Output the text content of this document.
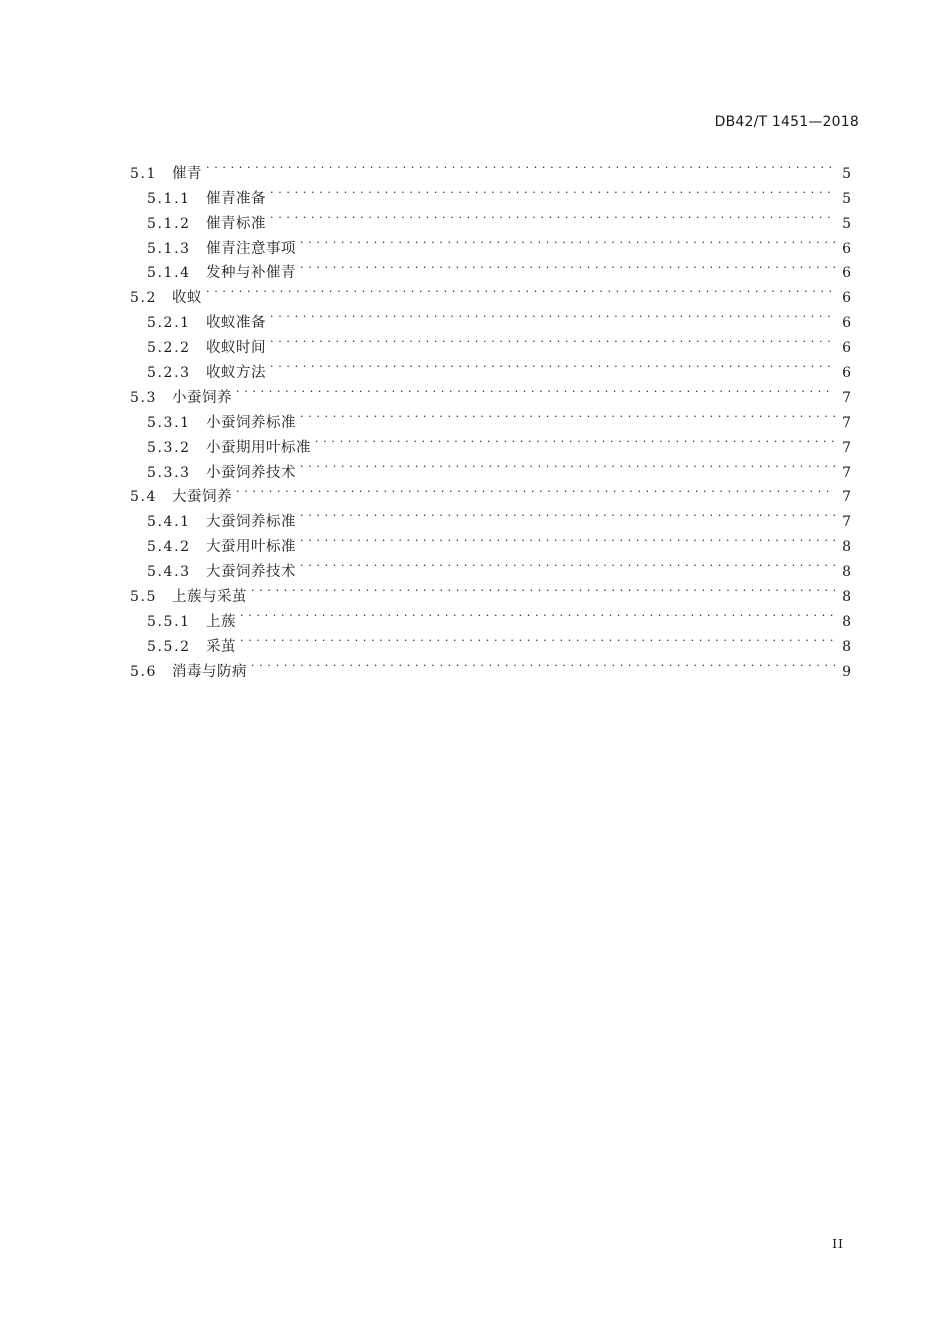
DB42/T 1451—2018
5.1	催青 . . .	5
5.1.1	催青准备 . . .	5
5.1.2	催青标准 . . .	5
5.1.3	催青注意事项 . . .	6
5.1.4	发种与补催青 . . .	6
5.2	收蚁 . . .	6
5.2.1	收蚁准备 . . .	6
5.2.2	收蚁时间 . . .	6
5.2.3	收蚁方法 . . .	6
5.3	小蚕饲养 . . .	7
5.3.1	小蚕饲养标准 . . .	7
5.3.2	小蚕期用叶标准 . . .	7
5.3.3	小蚕饲养技术 . . .	7
5.4	大蚕饲养 . . .	7
5.4.1	大蚕饲养标准 . . .	7
5.4.2	大蚕用叶标准 . . .	8
5.4.3	大蚕饲养技术 . . .	8
5.5	上蔟与采茧 . . .	8
5.5.1	上蔟 . . .	8
5.5.2	采茧 . . .	8
5.6	消毒与防病 . . .	9
II
